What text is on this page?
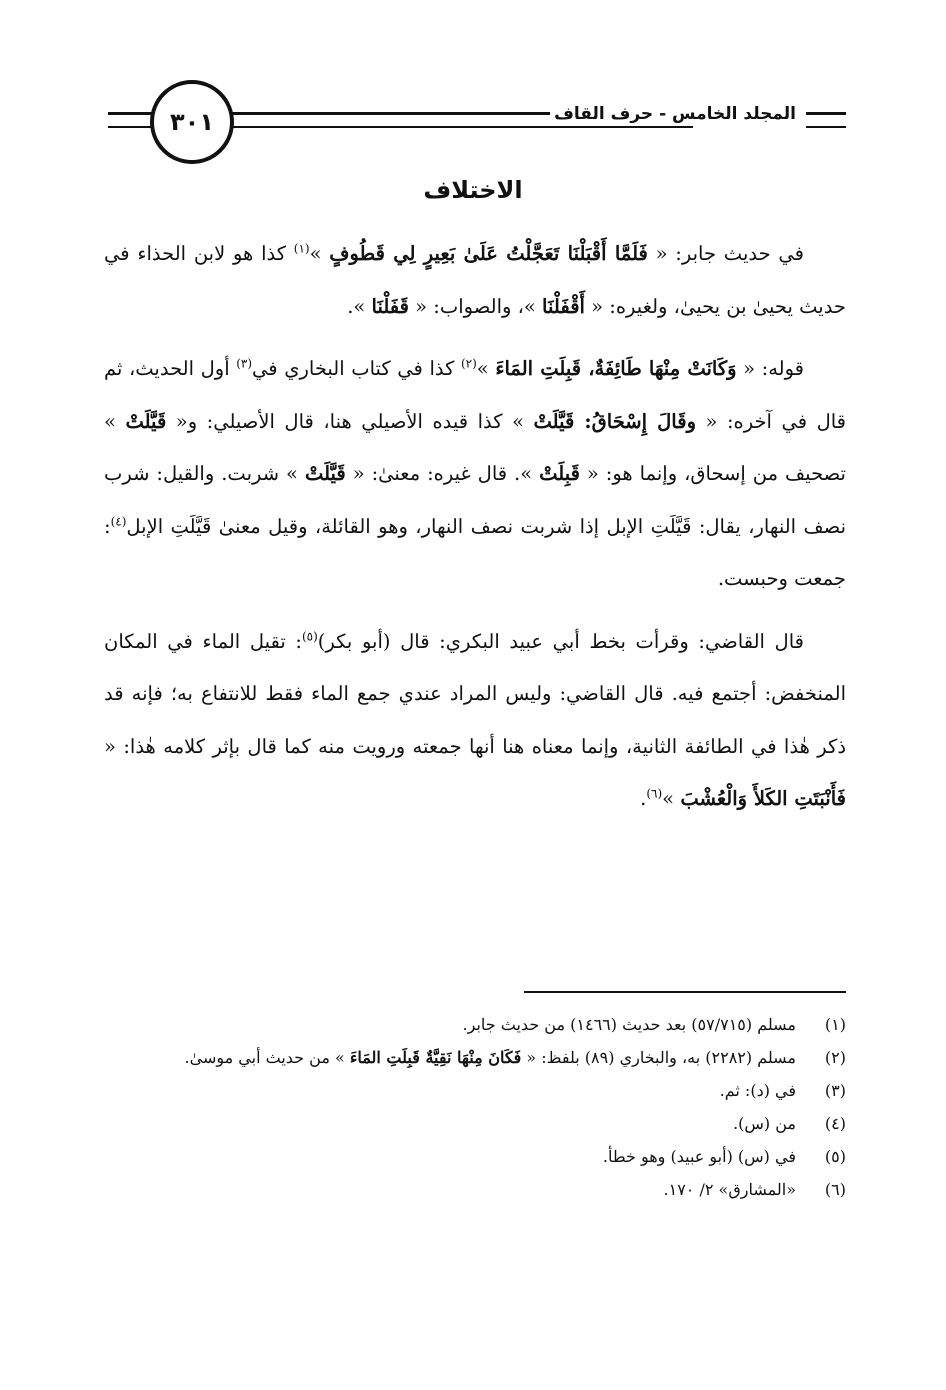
٣٠١	المجلد الخامس - حرف القاف
الاختلاف

في حديث جابر: « فَلَمَّا أَقْبَلْنَا تَعَجَّلْتُ عَلَىٰ بَعِيرٍ لِي قَطُوفٍ »$^{(١)}$ كذا هو لابن الحذاء في حديث يحيىٰ بن يحيىٰ، ولغيره: « أَقْفَلْنَا »، والصواب: « قَفَلْنَا ».

قوله: « وَكَانَتْ مِنْهَا طَائِفَةٌ، قَبِلَتِ المَاءَ »$^{(٢)}$ كذا في كتاب البخاري في$^{(٣)}$ أول الحديث، ثم قال في آخره: « وقَالَ إِسْحَاقُ: قَيَّلَتْ » كذا قيده الأصيلي هنا، قال الأصيلي: و« قَيَّلَتْ » تصحيف من إسحاق، وإنما هو: « قَبِلَتْ ». قال غيره: معنىٰ: « قَيَّلَتْ » شربت. والقيل: شرب نصف النهار، يقال: قَيَّلَتِ الإبل إذا شربت نصف النهار، وهو القائلة، وقيل معنىٰ قَيَّلَتِ الإبل$^{(٤)}$: جمعت وحبست.

قال القاضي: وقرأت بخط أبي عبيد البكري: قال (أبو بكر)$^{(٥)}$: تقيل الماء في المكان المنخفض: أجتمع فيه. قال القاضي: وليس المراد عندي جمع الماء فقط للانتفاع به؛ فإنه قد ذكر هٰذا في الطائفة الثانية، وإنما معناه هنا أنها جمعته ورويت منه كما قال بإثر كلامه هٰذا: « فَأَنْبَتَتِ الكَلأَ وَالْعُشْبَ »$^{(٦)}$.

(١)
مسلم (٥٧/٧١٥) بعد حديث (١٤٦٦) من حديث جابر.
(٢)
مسلم (٢٢٨٢) به، والبخاري (٨٩) بلفظ: « فَكَانَ مِنْهَا نَقِيَّةٌ قَبِلَتِ المَاءَ » من حديث أبي موسىٰ.
(٣)
في (د): ثم.
(٤)
من (س).
(٥)
في (س) (أبو عبيد) وهو خطأ.
(٦)
«المشارق» ٢/ ١٧٠.
